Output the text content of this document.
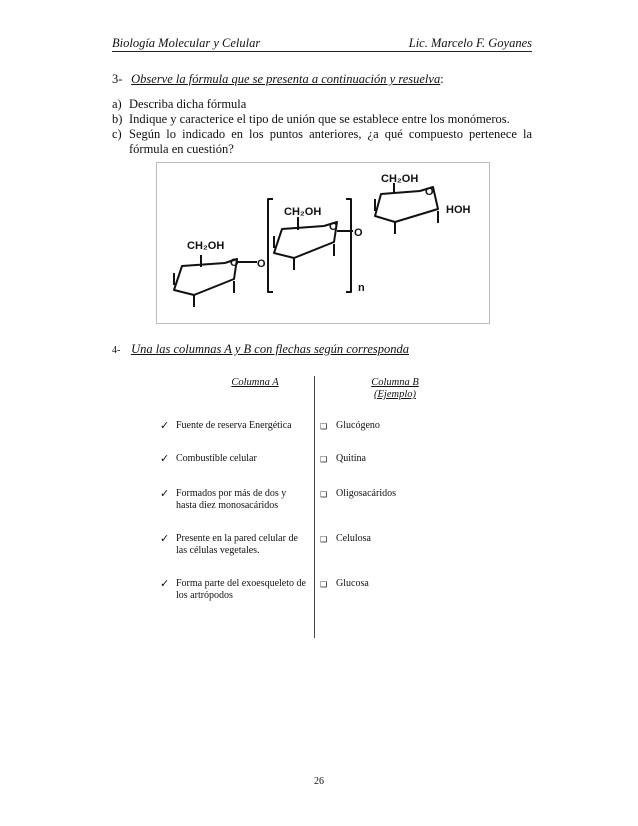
Biología Molecular y Celular	Lic. Marcelo F. Goyanes
3- Observe la fórmula que se presenta a continuación y resuelva:
a) Describa dicha fórmula
b) Indique y caracterice el tipo de unión que se establece entre los monómeros.
c) Según lo indicado en los puntos anteriores, ¿a qué compuesto pertenece la fórmula en cuestión?
CH₂OH
O O
CH₂OH
O O
CH₂OH
O
HOH
n
4- Una las columnas A y B con flechas según corresponda
Columna A	Columna B
(Ejemplo)
✓ Fuente de reserva Energética
✓ Combustible celular
✓ Formados por más de dos y hasta diez monosacáridos
✓ Presente en la pared celular de las células vegetales.
✓ Forma parte del exoesqueleto de los artrópodos
❑ Glucógeno
❑ Quitina
❑ Oligosacáridos
❑ Celulosa
❑ Glucosa
26
